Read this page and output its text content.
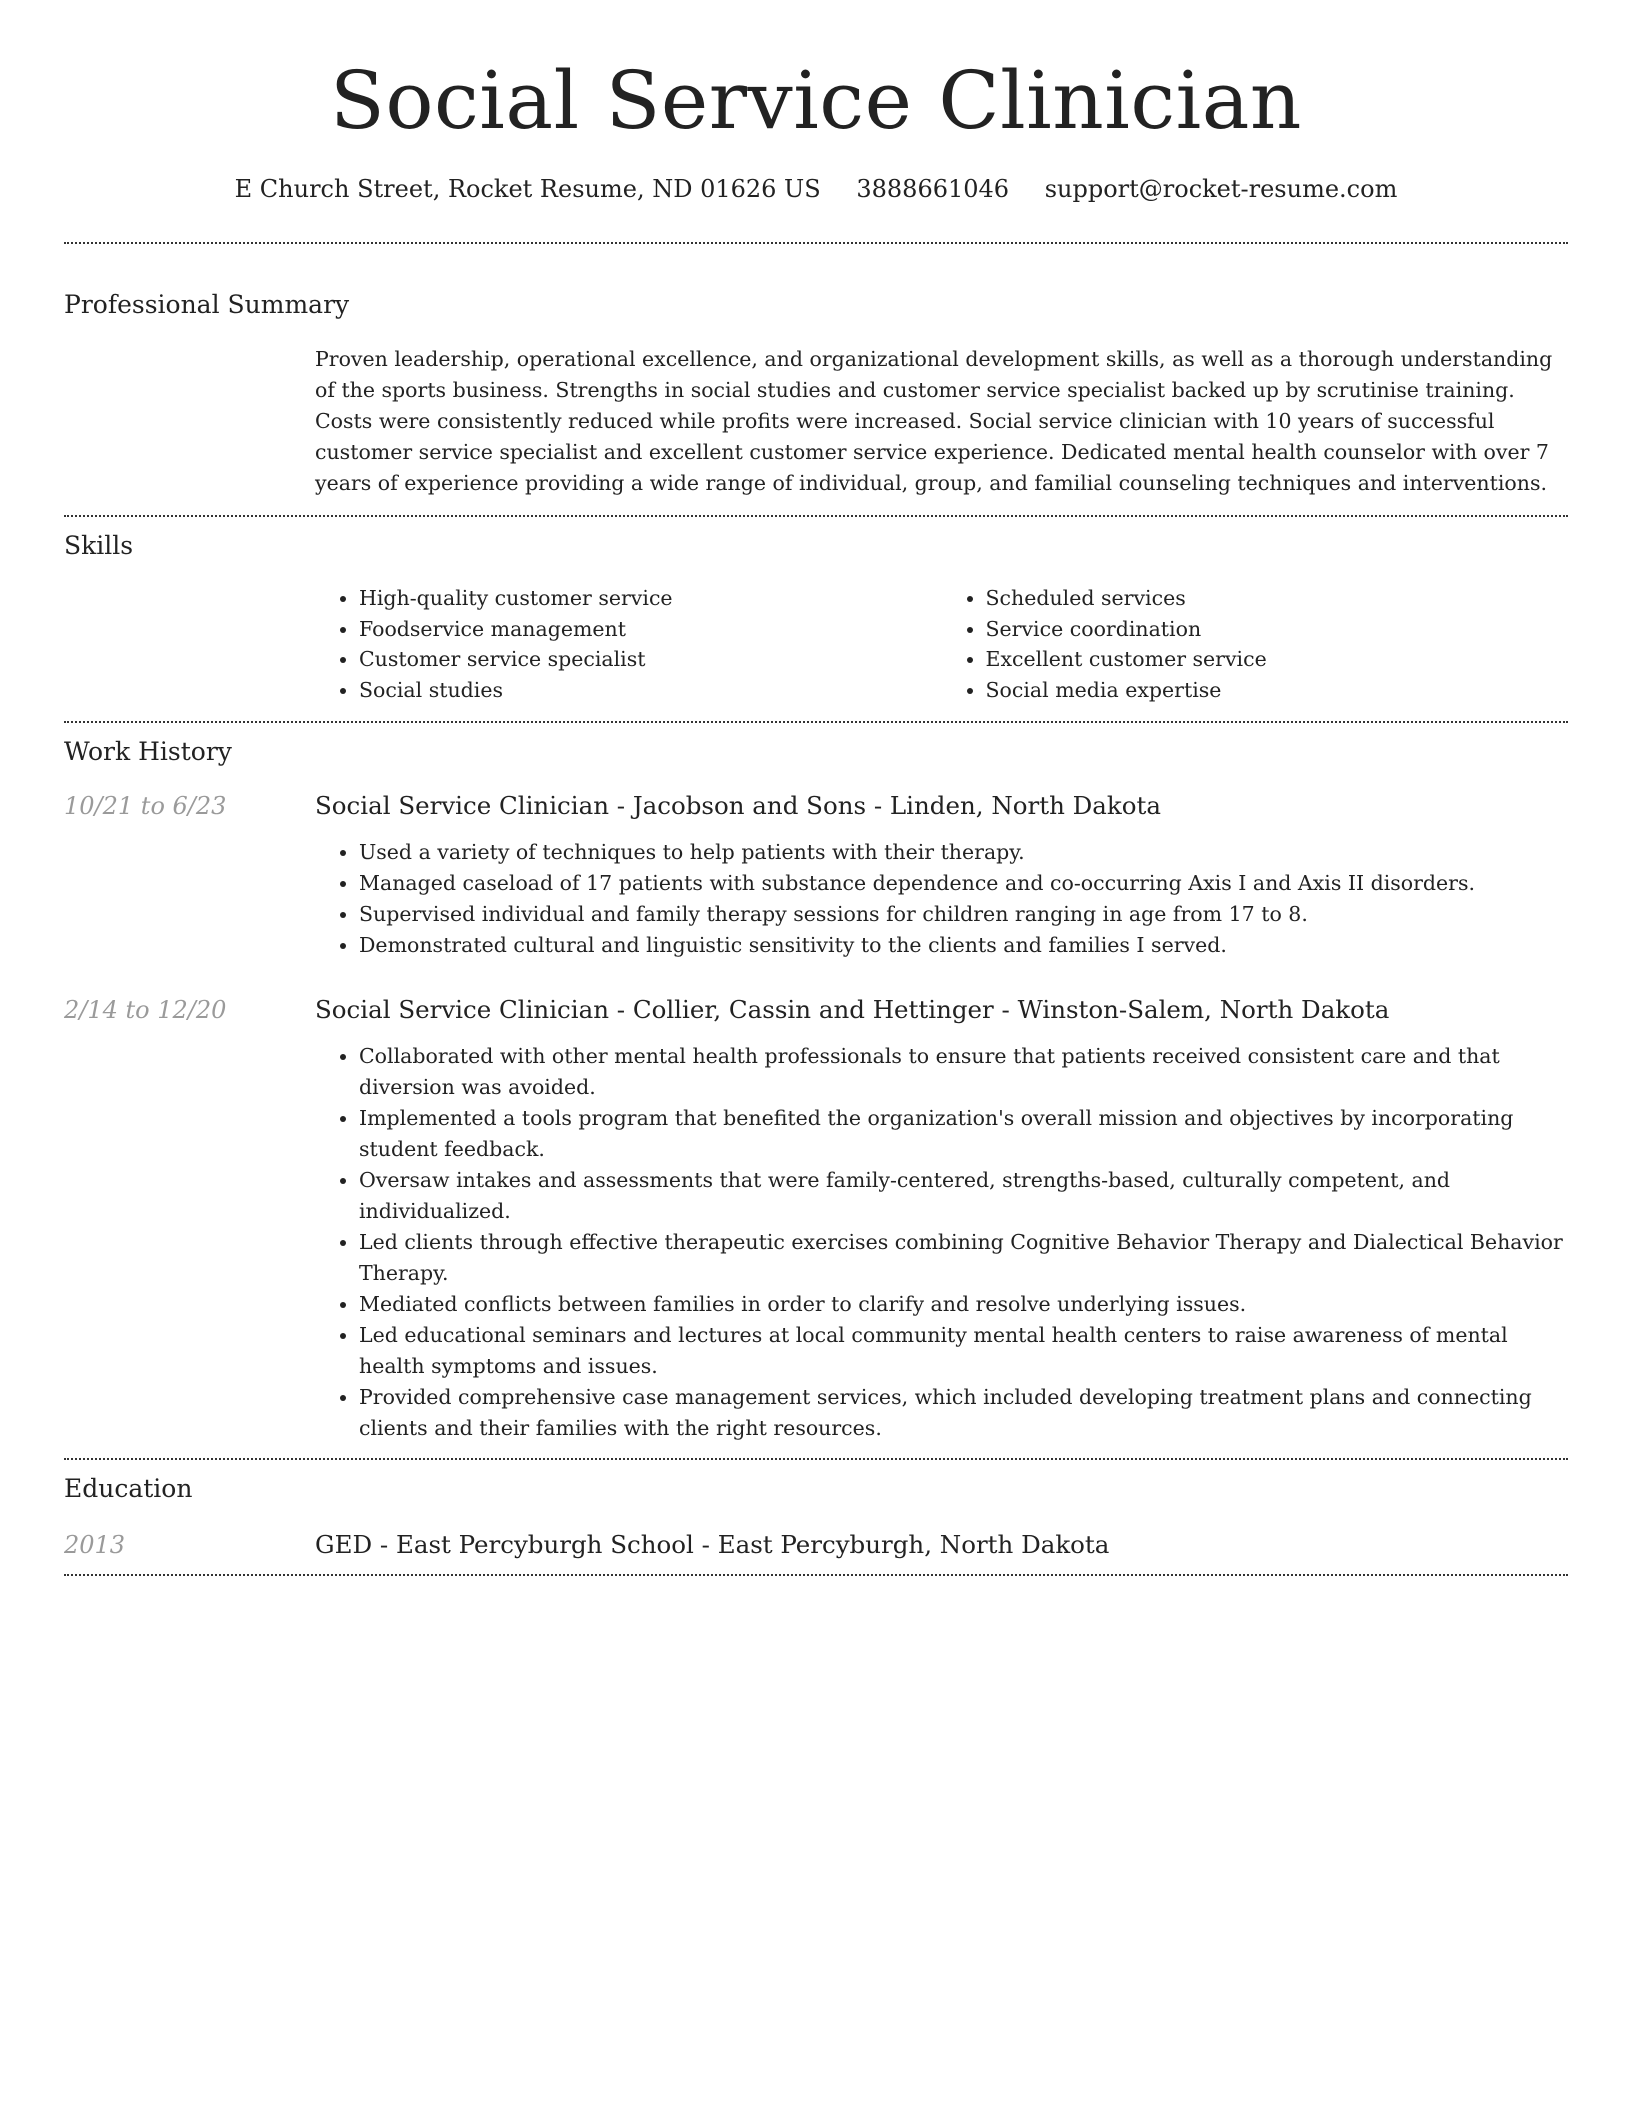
Social Service Clinician
E Church Street, Rocket Resume, ND 01626 US 3888661046 support@rocket-resume.com
Professional Summary

Proven leadership, operational excellence, and organizational development skills, as well as a thorough understanding of the sports business. Strengths in social studies and customer service specialist backed up by scrutinise training. Costs were consistently reduced while profits were increased. Social service clinician with 10 years of successful customer service specialist and excellent customer service experience. Dedicated mental health counselor with over 7 years of experience providing a wide range of individual, group, and familial counseling techniques and interventions.

Skills
• High-quality customer service
• Foodservice management
• Customer service specialist
• Social studies
• Scheduled services
• Service coordination
• Excellent customer service
• Social media expertise
Work History
10/21 to 6/23	Social Service Clinician - Jacobson and Sons - Linden, North Dakota
• Used a variety of techniques to help patients with their therapy.
• Managed caseload of 17 patients with substance dependence and co-occurring Axis I and Axis II disorders.
• Supervised individual and family therapy sessions for children ranging in age from 17 to 8.
• Demonstrated cultural and linguistic sensitivity to the clients and families I served.
2/14 to 12/20	Social Service Clinician - Collier, Cassin and Hettinger - Winston-Salem, North Dakota
• Collaborated with other mental health professionals to ensure that patients received consistent care and that diversion was avoided.
• Implemented a tools program that benefited the organization's overall mission and objectives by incorporating student feedback.
• Oversaw intakes and assessments that were family-centered, strengths-based, culturally competent, and individualized.
• Led clients through effective therapeutic exercises combining Cognitive Behavior Therapy and Dialectical Behavior Therapy.
• Mediated conflicts between families in order to clarify and resolve underlying issues.
• Led educational seminars and lectures at local community mental health centers to raise awareness of mental health symptoms and issues.
• Provided comprehensive case management services, which included developing treatment plans and connecting clients and their families with the right resources.
Education
2013	GED - East Percyburgh School - East Percyburgh, North Dakota
